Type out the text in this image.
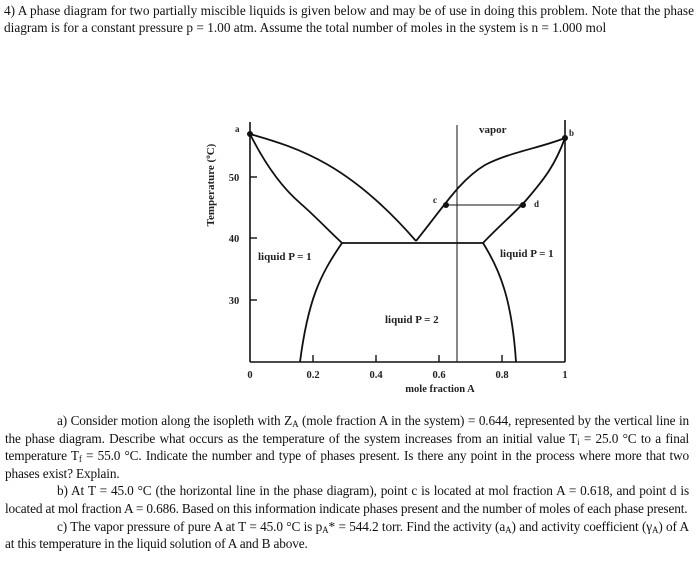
4) A phase diagram for two partially miscible liquids is given below and may be of use in doing this problem. Note that the phase diagram is for a constant pressure p = 1.00 atm. Assume the total number of moles in the system is n = 1.000 mol
a	b
c	d
vapor
liquid P = 1	liquid P = 1
liquid P = 2
0	0.2	0.4	0.6	0.8	1
50
40
30
mole fraction A
Temperature ($^o$C)

a) Consider motion along the isopleth with $Z_A$ (mole fraction A in the system) = 0.644, represented by the vertical line in the phase diagram. Describe what occurs as the temperature of the system increases from an initial value $T_i = 25.0$ °C to a final temperature $T_f = 55.0$ °C. Indicate the number and type of phases present. Is there any point in the process where more that two phases exist? Explain.

b) At T = 45.0 °C (the horizontal line in the phase diagram), point c is located at mol fraction A = 0.618, and point d is located at mol fraction A = 0.686. Based on this information indicate phases present and the number of moles of each phase present.

c) The vapor pressure of pure A at T = 45.0 °C is $p_A* = 544.2$ torr. Find the activity $(a_A)$ and activity coefficient $(\gamma_A)$ of A at this temperature in the liquid solution of A and B above.
